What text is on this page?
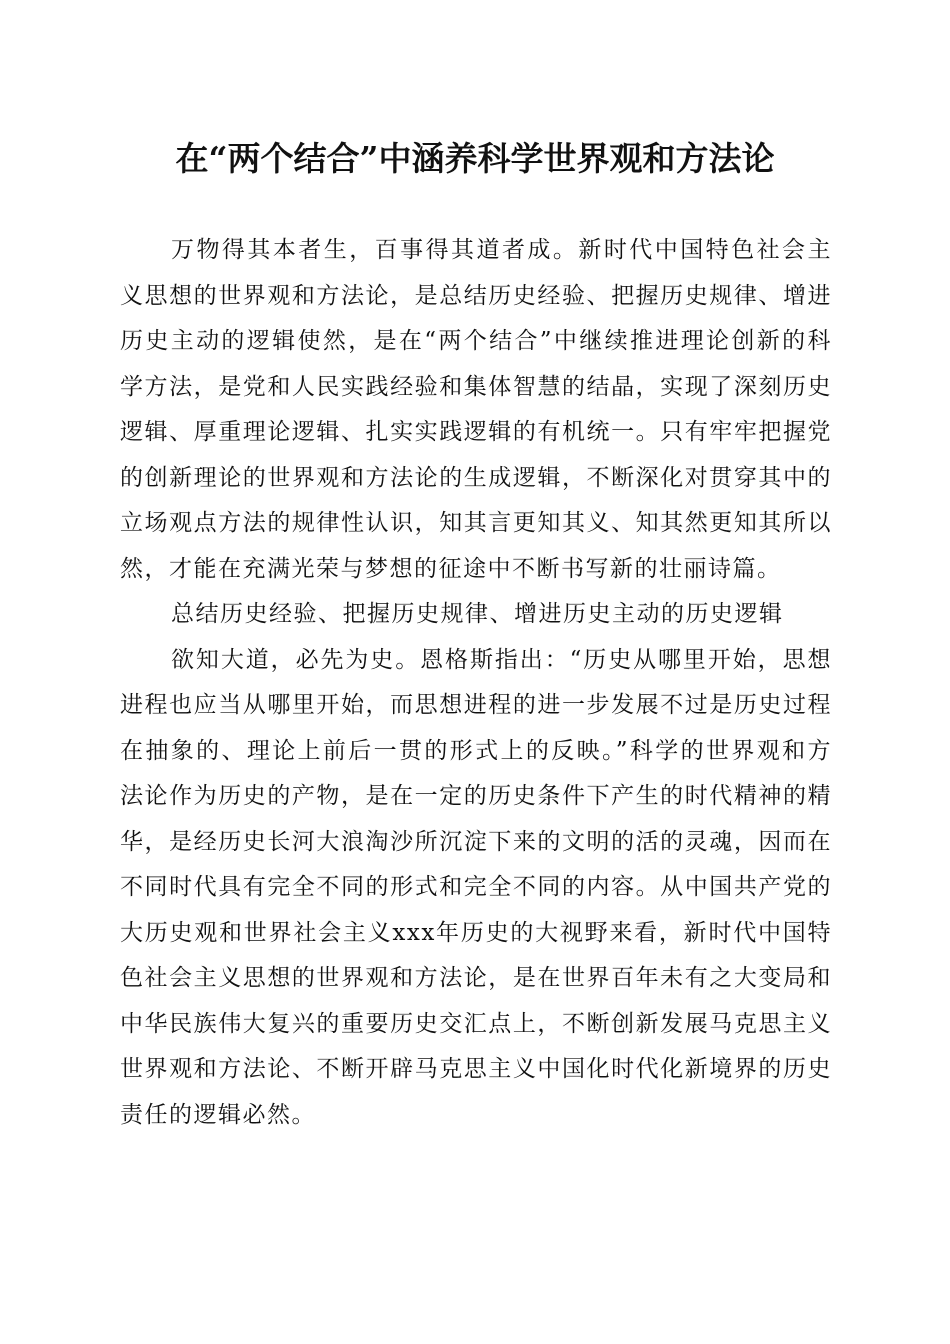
在“两个结合”中涵养科学世界观和方法论

万物得其本者生，百事得其道者成。新时代中国特色社会主义思想的世界观和方法论，是总结历史经验、把握历史规律、增进历史主动的逻辑使然，是在“两个结合”中继续推进理论创新的科学方法，是党和人民实践经验和集体智慧的结晶，实现了深刻历史逻辑、厚重理论逻辑、扎实实践逻辑的有机统一。只有牢牢把握党的创新理论的世界观和方法论的生成逻辑，不断深化对贯穿其中的立场观点方法的规律性认识，知其言更知其义、知其然更知其所以然，才能在充满光荣与梦想的征途中不断书写新的壮丽诗篇。

总结历史经验、把握历史规律、增进历史主动的历史逻辑

欲知大道，必先为史。恩格斯指出：“历史从哪里开始，思想进程也应当从哪里开始，而思想进程的进一步发展不过是历史过程在抽象的、理论上前后一贯的形式上的反映。”科学的世界观和方法论作为历史的产物，是在一定的历史条件下产生的时代精神的精华，是经历史长河大浪淘沙所沉淀下来的文明的活的灵魂，因而在不同时代具有完全不同的形式和完全不同的内容。从中国共产党的大历史观和世界社会主义xxx年历史的大视野来看，新时代中国特色社会主义思想的世界观和方法论，是在世界百年未有之大变局和中华民族伟大复兴的重要历史交汇点上，不断创新发展马克思主义世界观和方法论、不断开辟马克思主义中国化时代化新境界的历史责任的逻辑必然。
